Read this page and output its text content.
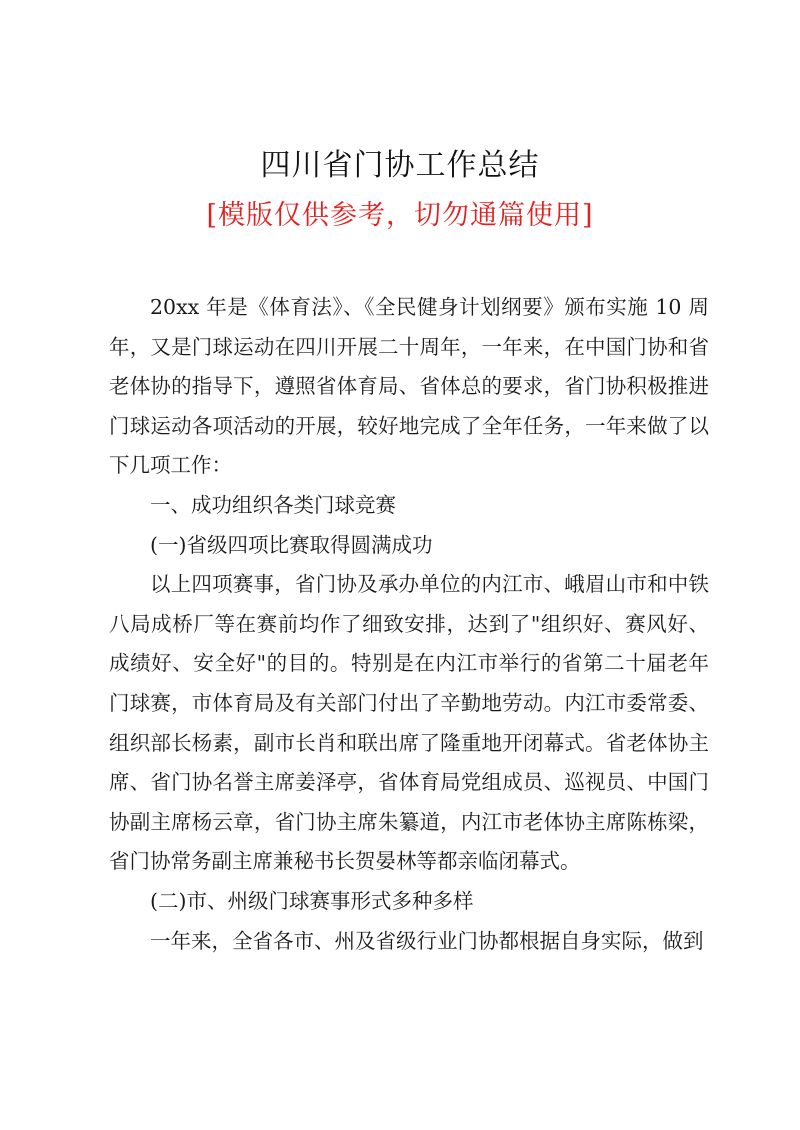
四川省门协工作总结
[模版仅供参考，切勿通篇使用]

20xx 年是《体育法》、《全民健身计划纲要》颁布实施 10 周年，又是门球运动在四川开展二十周年，一年来，在中国门协和省老体协的指导下，遵照省体育局、省体总的要求，省门协积极推进门球运动各项活动的开展，较好地完成了全年任务，一年来做了以下几项工作：

一、成功组织各类门球竞赛

(一)省级四项比赛取得圆满成功

以上四项赛事，省门协及承办单位的内江市、峨眉山市和中铁八局成桥厂等在赛前均作了细致安排，达到了"组织好、赛风好、成绩好、安全好"的目的。特别是在内江市举行的省第二十届老年门球赛，市体育局及有关部门付出了辛勤地劳动。内江市委常委、组织部长杨素，副市长肖和联出席了隆重地开闭幕式。省老体协主席、省门协名誉主席姜泽亭，省体育局党组成员、巡视员、中国门协副主席杨云章，省门协主席朱纂道，内江市老体协主席陈栋梁，省门协常务副主席兼秘书长贺晏林等都亲临闭幕式。

(二)市、州级门球赛事形式多种多样

一年来，全省各市、州及省级行业门协都根据自身实际，做到
